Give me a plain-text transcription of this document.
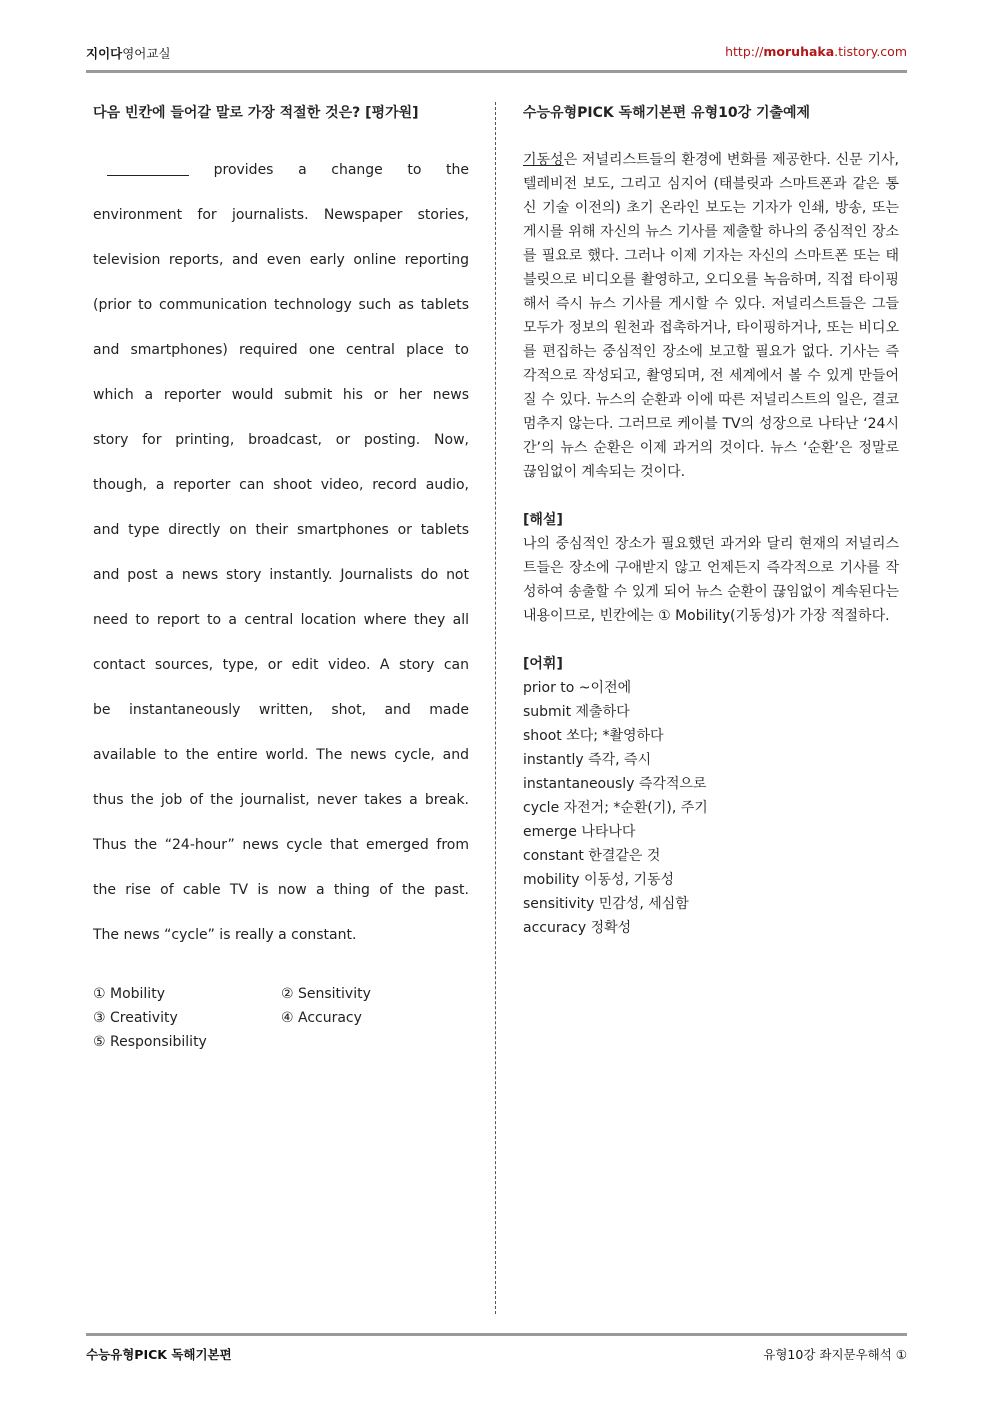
지이다영어교실	http://moruhaka.tistory.com
다음 빈칸에 들어갈 말로 가장 적절한 것은? [평가원]
provides a change to the
environment for journalists. Newspaper stories,
television reports, and even early online reporting
(prior to communication technology such as tablets
and smartphones) required one central place to
which a reporter would submit his or her news
story for printing, broadcast, or posting. Now,
though, a reporter can shoot video, record audio,
and type directly on their smartphones or tablets
and post a news story instantly. Journalists do not
need to report to a central location where they all
contact sources, type, or edit video. A story can
be instantaneously written, shot, and made
available to the entire world. The news cycle, and
thus the job of the journalist, never takes a break.
Thus the “24-hour” news cycle that emerged from
the rise of cable TV is now a thing of the past.
The news “cycle” is really a constant.
① Mobility	② Sensitivity
③ Creativity	④ Accuracy
⑤ Responsibility
수능유형PICK 독해기본편 유형10강 기출예제
기동성은 저널리스트들의 환경에 변화를 제공한다. 신문 기사, 텔레비전 보도, 그리고 심지어 (태블릿과 스마트폰과 같은 통신 기술 이전의) 초기 온라인 보도는 기자가 인쇄, 방송, 또는 게시를 위해 자신의 뉴스 기사를 제출할 하나의 중심적인 장소를 필요로 했다. 그러나 이제 기자는 자신의 스마트폰 또는 태블릿으로 비디오를 촬영하고, 오디오를 녹음하며, 직접 타이핑해서 즉시 뉴스 기사를 게시할 수 있다. 저널리스트들은 그들 모두가 정보의 원천과 접촉하거나, 타이핑하거나, 또는 비디오를 편집하는 중심적인 장소에 보고할 필요가 없다. 기사는 즉각적으로 작성되고, 촬영되며, 전 세계에서 볼 수 있게 만들어질 수 있다. 뉴스의 순환과 이에 따른 저널리스트의 일은, 결코 멈추지 않는다. 그러므로 케이블 TV의 성장으로 나타난 ‘24시간’의 뉴스 순환은 이제 과거의 것이다. 뉴스 ‘순환’은 정말로 끊임없이 계속되는 것이다.
[해설]
나의 중심적인 장소가 필요했던 과거와 달리 현재의 저널리스트들은 장소에 구애받지 않고 언제든지 즉각적으로 기사를 작성하여 송출할 수 있게 되어 뉴스 순환이 끊임없이 계속된다는 내용이므로, 빈칸에는 ① Mobility(기동성)가 가장 적절하다.
[어휘]
prior to ~이전에
submit 제출하다
shoot 쏘다; *촬영하다
instantly 즉각, 즉시
instantaneously 즉각적으로
cycle 자전거; *순환(기), 주기
emerge 나타나다
constant 한결같은 것
mobility 이동성, 기동성
sensitivity 민감성, 세심함
accuracy 정확성
수능유형PICK 독해기본편	유형10강 좌지문우해석 ①
